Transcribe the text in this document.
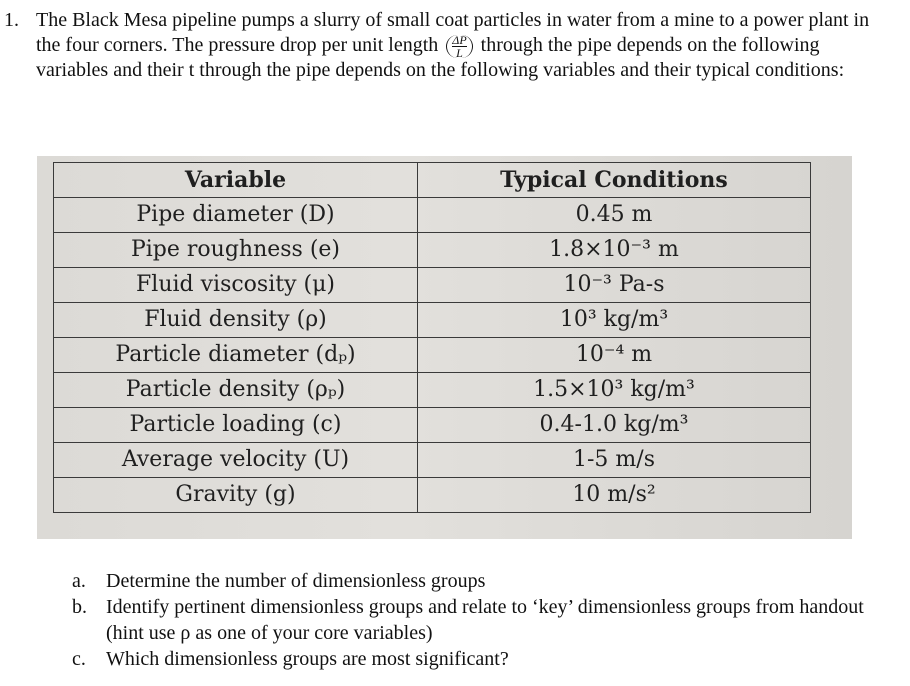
1. The Black Mesa pipeline pumps a slurry of small coat particles in water from a mine to a power plant in the four corners. The pressure drop per unit length $\frac{\Delta P}{L}$ through the pipe depends on the following variables and their t through the pipe depends on the following variables and their typical conditions:
Variable	Typical Conditions
Pipe diameter (D)	0.45 m
Pipe roughness (e)	1.8×10⁻³ m
Fluid viscosity (μ)	10⁻³ Pa-s
Fluid density (ρ)	10³ kg/m³
Particle diameter (dₚ)	10⁻⁴ m
Particle density (ρₚ)	1.5×10³ kg/m³
Particle loading (c)	0.4-1.0 kg/m³
Average velocity (U)	1-5 m/s
Gravity (g)	10 m/s²
a. Determine the number of dimensionless groups
b. Identify pertinent dimensionless groups and relate to ‘key’ dimensionless groups from handout (hint use ρ as one of your core variables)
c. Which dimensionless groups are most significant?
